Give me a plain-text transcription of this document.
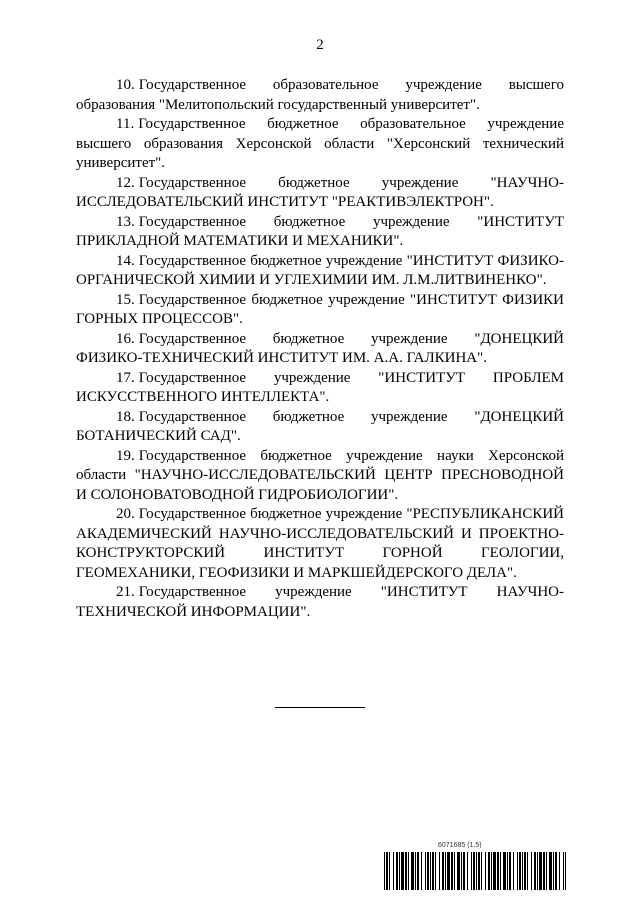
2

10. Государственное образовательное учреждение высшего образования "Мелитопольский государственный университет".

11. Государственное бюджетное образовательное учреждение высшего образования Херсонской области "Херсонский технический университет".

12. Государственное бюджетное учреждение "НАУЧНО-ИССЛЕДОВАТЕЛЬСКИЙ ИНСТИТУТ "РЕАКТИВЭЛЕКТРОН".

13. Государственное бюджетное учреждение "ИНСТИТУТ ПРИКЛАДНОЙ МАТЕМАТИКИ И МЕХАНИКИ".

14. Государственное бюджетное учреждение "ИНСТИТУТ ФИЗИКО-ОРГАНИЧЕСКОЙ ХИМИИ И УГЛЕХИМИИ ИМ. Л.М.ЛИТВИНЕНКО".

15. Государственное бюджетное учреждение "ИНСТИТУТ ФИЗИКИ ГОРНЫХ ПРОЦЕССОВ".

16. Государственное бюджетное учреждение "ДОНЕЦКИЙ ФИЗИКО-ТЕХНИЧЕСКИЙ ИНСТИТУТ ИМ. А.А. ГАЛКИНА".

17. Государственное учреждение "ИНСТИТУТ ПРОБЛЕМ ИСКУССТВЕННОГО ИНТЕЛЛЕКТА".

18. Государственное бюджетное учреждение "ДОНЕЦКИЙ БОТАНИЧЕСКИЙ САД".

19. Государственное бюджетное учреждение науки Херсонской области "НАУЧНО-ИССЛЕДОВАТЕЛЬСКИЙ ЦЕНТР ПРЕСНОВОДНОЙ И СОЛОНОВАТОВОДНОЙ ГИДРОБИОЛОГИИ".

20. Государственное бюджетное учреждение "РЕСПУБЛИКАНСКИЙ АКАДЕМИЧЕСКИЙ НАУЧНО-ИССЛЕДОВАТЕЛЬСКИЙ И ПРОЕКТНО-КОНСТРУКТОРСКИЙ ИНСТИТУТ ГОРНОЙ ГЕОЛОГИИ, ГЕОМЕХАНИКИ, ГЕОФИЗИКИ И МАРКШЕЙДЕРСКОГО ДЕЛА".

21. Государственное учреждение "ИНСТИТУТ НАУЧНО-ТЕХНИЧЕСКОЙ ИНФОРМАЦИИ".

6071685 (1.5)
